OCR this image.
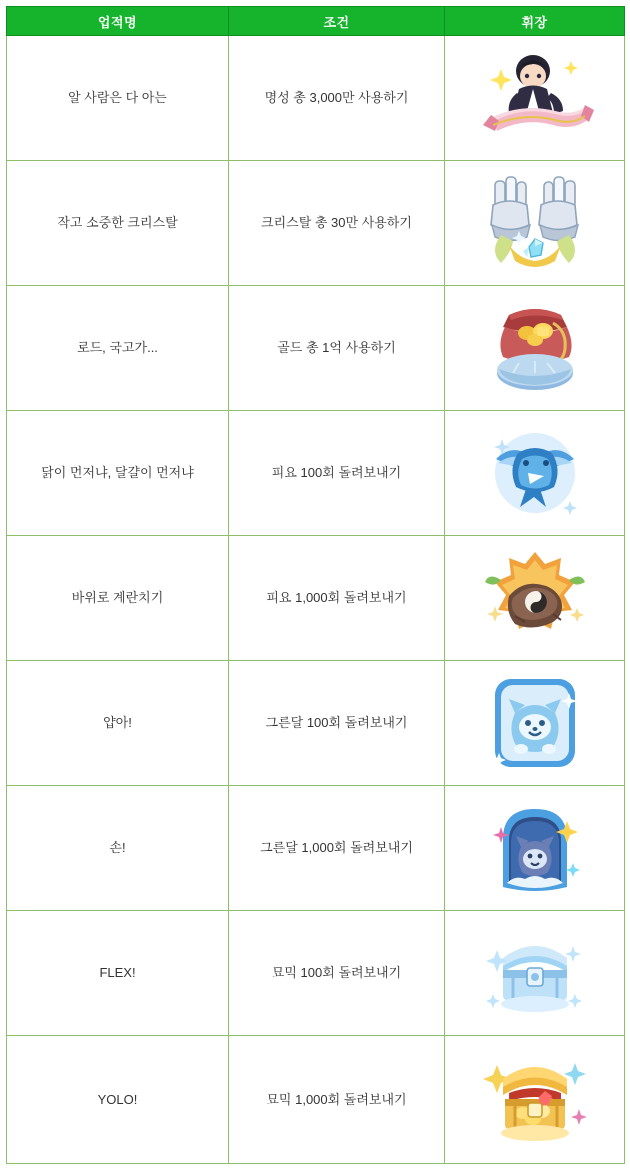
업적명	조건	휘장
알 사람은 다 아는	명성 총 3,000만 사용하기	

작고 소중한 크리스탈	크리스탈 총 30만 사용하기	

로드, 국고가...	골드 총 1억 사용하기	

닭이 먼저냐, 달걀이 먼저냐	피요 100회 돌려보내기	

바위로 계란치기	피요 1,000회 돌려보내기	

얍아!	그른달 100회 돌려보내기	

손!	그른달 1,000회 돌려보내기	

FLEX!	묘믹 100회 돌려보내기	

YOLO!	묘믹 1,000회 돌려보내기	
